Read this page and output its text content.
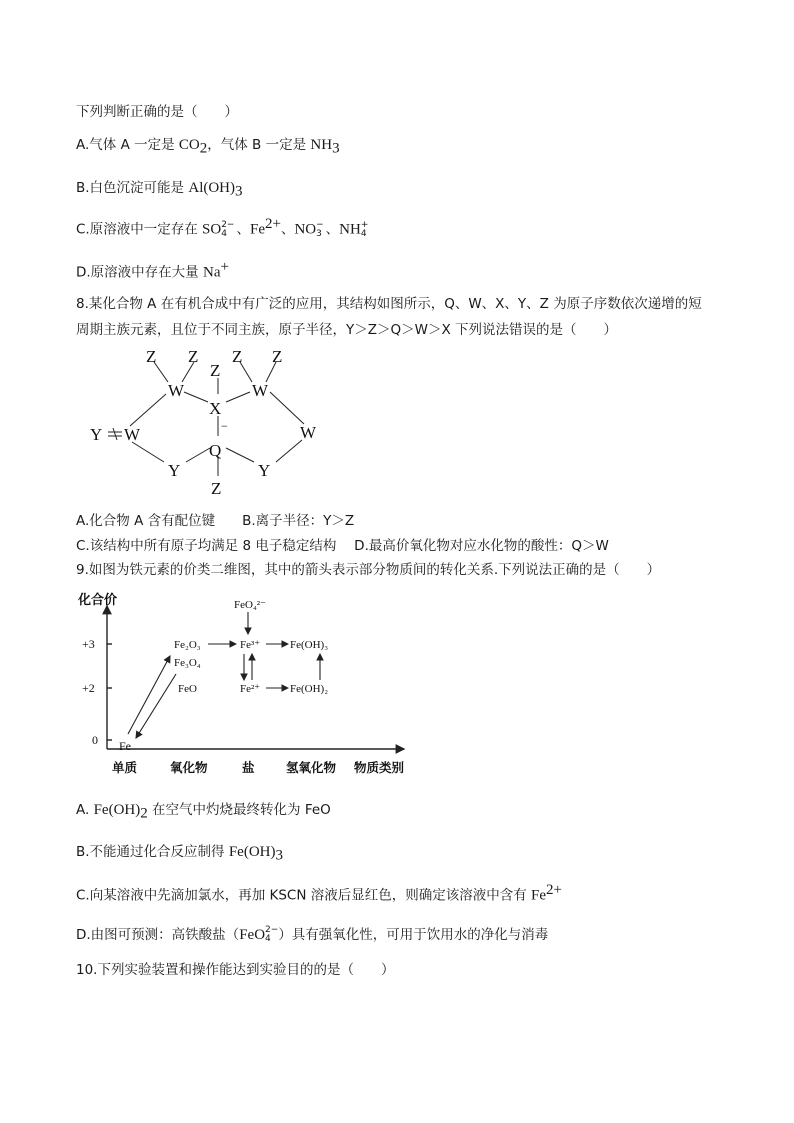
下列判断正确的是（　　）
A.气体 A 一定是 $CO_2$，气体 B 一定是 $NH_3$
B.白色沉淀可能是 $Al(OH)_3$
C.原溶液中一定存在 SO 2−
4 、$Fe^{2+}$、NO −
3 、NH +
4
D.原溶液中存在大量 Na+
8.某化合物 A 在有机合成中有广泛的应用，其结构如图所示，Q、W、X、Y、Z 为原子序数依次递增的短
周期主族元素，且位于不同主族，原子半径，Y＞Z＞Q＞W＞X 下列说法错误的是（　　）
Z Z Z Z
Z
W	W
X
−
Y W	W
Q
Y	Y
Z
A.化合物 A 含有配位键　　B.离子半径：Y＞Z
C.该结构中所有原子均满足 8 电子稳定结构　 D.最高价氧化物对应水化物的酸性：Q＞W
9.如图为铁元素的价类二维图，其中的箭头表示部分物质间的转化关系.下列说法正确的是（　　）
化合价
+3
+2
0 Fe
Fe₂O₃
Fe₃O₄
FeO
FeO₄²⁻
Fe³⁺
Fe²⁺
Fe(OH)₃
Fe(OH)₂
单质	氧化物	盐	氢氧化物 物质类别
A. $Fe(OH)_2$ 在空气中灼烧最终转化为 FeO
B.不能通过化合反应制得 $Fe(OH)_3$
C.向某溶液中先滴加氯水，再加 KSCN 溶液后显红色，则确定该溶液中含有 $Fe^{2+}$
D.由图可预测：高铁酸盐（FeO 2−
4 ）具有强氧化性，可用于饮用水的净化与消毒
10.下列实验装置和操作能达到实验目的的是（　　）
